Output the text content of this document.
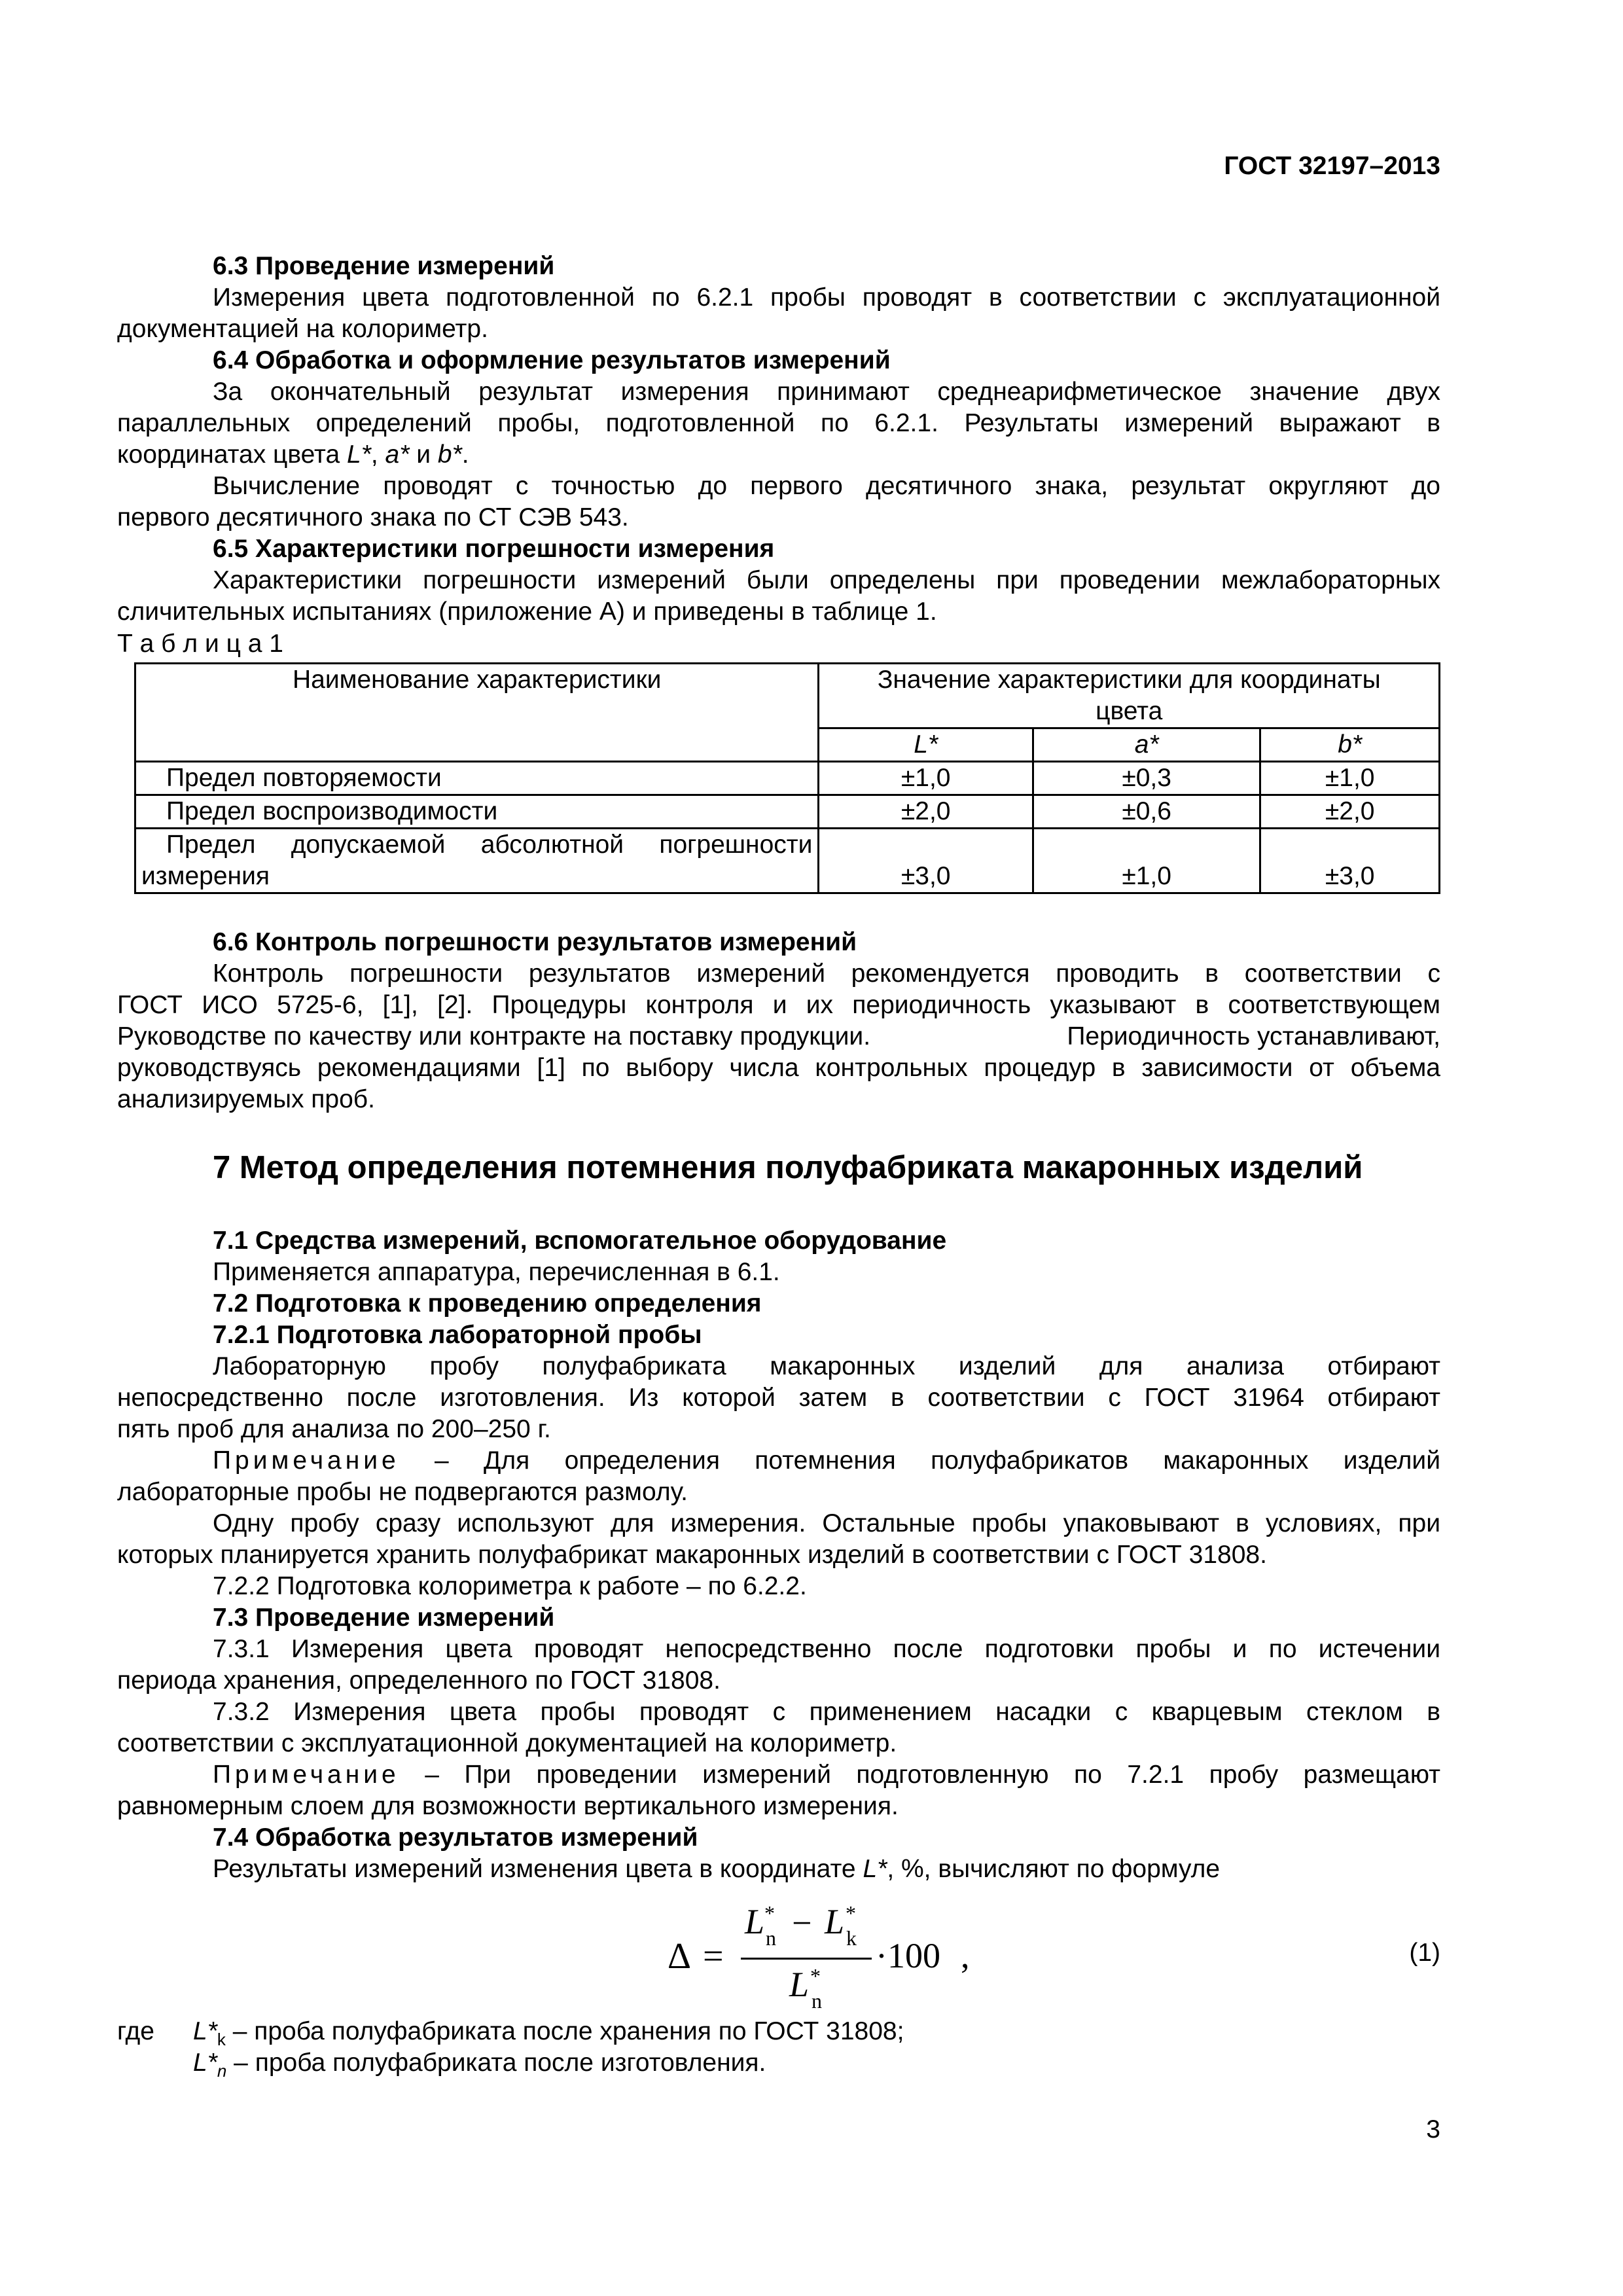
ГОСТ 32197–2013
6.3 Проведение измерений
Измерения цвета подготовленной по 6.2.1 пробы проводят в соответствии с эксплуатационной
документацией на колориметр.
6.4 Обработка и оформление результатов измерений
За окончательный результат измерения принимают среднеарифметическое значение двух
параллельных определений пробы, подготовленной по 6.2.1. Результаты измерений выражают в
координатах цвета L*, a* и b*.
Вычисление проводят с точностью до первого десятичного знака, результат округляют до
первого десятичного знака по СТ СЭВ 543.
6.5 Характеристики погрешности измерения
Характеристики погрешности измерений были определены при проведении межлабораторных
сличительных испытаниях (приложение А) и приведены в таблице 1.
Т а б л и ц а 1
Наименование характеристики	Значение характеристики для координаты цвета		
	L*	a*	b*
Предел повторяемости	±1,0	±0,3	±1,0
Предел воспроизводимости	±2,0	±0,6	±2,0

Предел допускаемой абсолютной погрешности
измерения	±3,0	±1,0	±3,0
6.6 Контроль погрешности результатов измерений
Контроль погрешности результатов измерений рекомендуется проводить в соответствии с
ГОСТ ИСО 5725-6, [1], [2]. Процедуры контроля и их периодичность указывают в соответствующем
Руководстве по качеству или контракте на поставку продукции.	Периодичность устанавливают,
руководствуясь рекомендациями [1] по выбору числа контрольных процедур в зависимости от объема
анализируемых проб.
7 Метод определения потемнения полуфабриката макаронных изделий
7.1 Средства измерений, вспомогательное оборудование
Применяется аппаратура, перечисленная в 6.1.
7.2 Подготовка к проведению определения
7.2.1 Подготовка лабораторной пробы
Лабораторную пробу полуфабриката макаронных изделий для анализа отбирают
непосредственно после изготовления. Из которой затем в соответствии с ГОСТ 31964 отбирают
пять проб для анализа по 200–250 г.
Примечание – Для определения потемнения полуфабрикатов макаронных изделий
лабораторные пробы не подвергаются размолу.
Одну пробу сразу используют для измерения. Остальные пробы упаковывают в условиях, при
которых планируется хранить полуфабрикат макаронных изделий в соответствии с ГОСТ 31808.
7.2.2 Подготовка колориметра к работе – по 6.2.2.
7.3 Проведение измерений
7.3.1 Измерения цвета проводят непосредственно после подготовки пробы и по истечении
периода хранения, определенного по ГОСТ 31808.
7.3.2 Измерения цвета пробы проводят с применением насадки с кварцевым стеклом в
соответствии с эксплуатационной документацией на колориметр.
Примечание – При проведении измерений подготовленную по 7.2.1 пробу размещают
равномерным слоем для возможности вертикального измерения.
7.4 Обработка результатов измерений
Результаты измерений изменения цвета в координате L*, %, вычисляют по формуле
Δ =
L *
n − L *
k
L *
n
·100 ,	(1)
где $L*_k$ – проба полуфабриката после хранения по ГОСТ 31808;
$L*_n$ – проба полуфабриката после изготовления.
3
